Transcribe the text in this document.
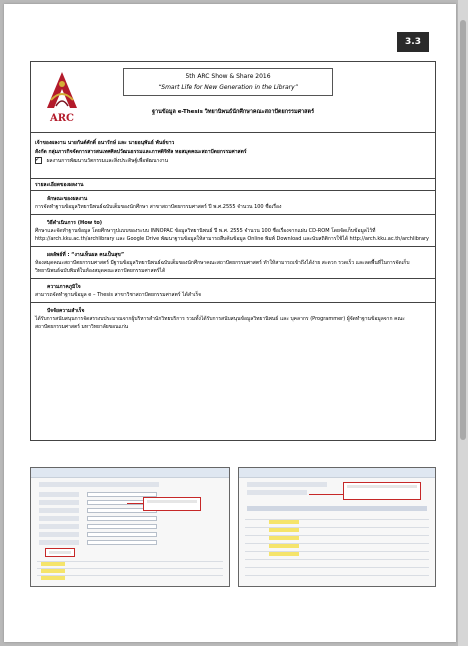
3.3
ARC
5th ARC Show & Share 2016
“Smart Life for New Generation in the Library”
ฐานข้อมูล e-Thesis วิทยานิพนธ์นักศึกษาคณะสถาปัตยกรรมศาสตร์
เจ้าของผลงาน นายกันต์ศักดิ์ อนารักษ์ และ นายอนุพันธ์ พันธ์ขาว
สังกัด กลุ่มภารกิจจัดการสารสนเทศศิลปวัฒนธรรมและภาพดิจิทัล หอสมุดคณะสถาปัตยกรรมศาสตร์
✓ ผลงานการพัฒนานวัตกรรมและสิ่งประดิษฐ์เพื่อพัฒนางาน
รายละเอียดของผลงาน
ลักษณะของผลงาน
การจัดทำฐานข้อมูลวิทยานิพนธ์ฉบับเต็มของนักศึกษา สาขาสถาปัตยกรรมศาสตร์ ปี พ.ศ.2555 จำนวน 100 ชื่อเรื่อง
วิธีดำเนินการ (How to)
ศึกษาและจัดทำฐานข้อมูล โดยศึกษารูปแบบของระบบ INNOPAC ข้อมูลวิทยานิพนธ์ ปี พ.ศ. 2555 จำนวน 100 ชื่อเรื่องจากแผ่น CD-ROM โดยจัดเก็บข้อมูลไว้ที่ http://arch.kku.ac.th/archlibrary และ Google Drive พัฒนาฐานข้อมูลให้สามารถสืบค้นข้อมูล Online พิมพ์ Download และนับสถิติการใช้ได้ http://arch.kku.ac.th/archlibrary
ผลลัพธ์ที่ : “งานเห็นผล คนเป็นสุข”
ห้องสมุดคณะสถาปัตยกรรมศาสตร์ มีฐานข้อมูลวิทยานิพนธ์ฉบับเต็มของนักศึกษาคณะสถาปัตยกรรมศาสตร์ ทำให้สามารถเข้าถึงได้ง่าย สะดวก รวดเร็ว และลดพื้นที่ในการจัดเก็บวิทยานิพนธ์ฉบับพิมพ์ในห้องสมุดคณะสถาปัตยกรรมศาสตร์ได้
ความภาคภูมิใจ
สามารถจัดทำฐานข้อมูล e – Thesis สาขาวิชาสถาปัตยกรรมศาสตร์ ได้สำเร็จ
ปัจจัยความสำเร็จ
ได้รับการสนับสนุนการจัดสรรงบประมาณจากผู้บริหารสำนักวิทยบริการ รวมทั้งได้รับการสนับสนุนข้อมูลวิทยานิพนธ์ และ บุคลากร (Programmer) ผู้จัดทำฐานข้อมูลจาก คณะสถาปัตยกรรมศาสตร์ มหาวิทยาลัยขอนแก่น
